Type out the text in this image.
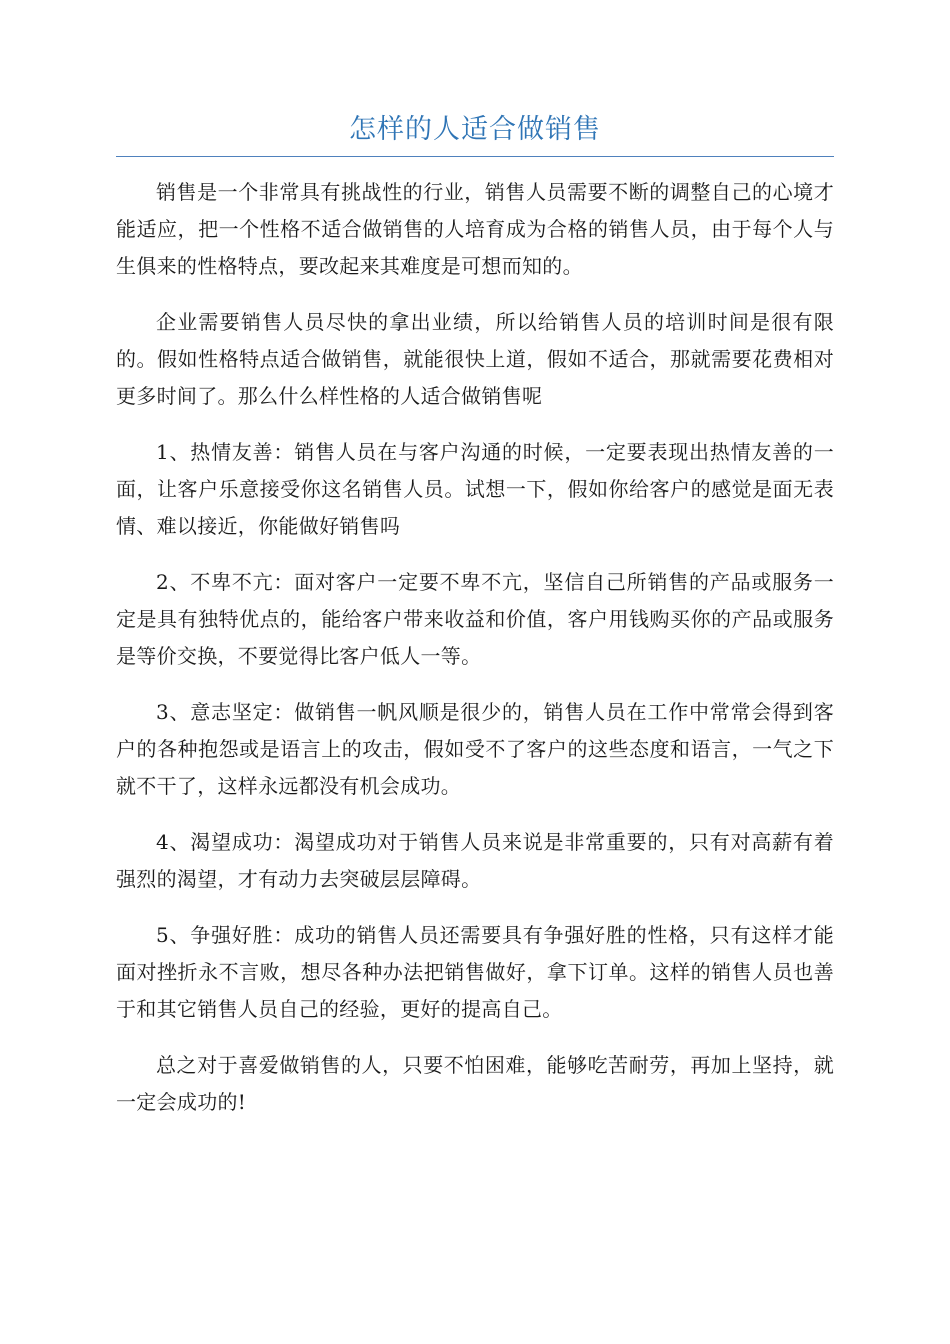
怎样的人适合做销售

销售是一个非常具有挑战性的行业，销售人员需要不断的调整自己的心境才能适应，把一个性格不适合做销售的人培育成为合格的销售人员，由于每个人与生俱来的性格特点，要改起来其难度是可想而知的。

企业需要销售人员尽快的拿出业绩，所以给销售人员的培训时间是很有限的。假如性格特点适合做销售，就能很快上道，假如不适合，那就需要花费相对更多时间了。那么什么样性格的人适合做销售呢

1、热情友善：销售人员在与客户沟通的时候，一定要表现出热情友善的一面，让客户乐意接受你这名销售人员。试想一下，假如你给客户的感觉是面无表情、难以接近，你能做好销售吗

2、不卑不亢：面对客户一定要不卑不亢，坚信自己所销售的产品或服务一定是具有独特优点的，能给客户带来收益和价值，客户用钱购买你的产品或服务是等价交换，不要觉得比客户低人一等。

3、意志坚定：做销售一帆风顺是很少的，销售人员在工作中常常会得到客户的各种抱怨或是语言上的攻击，假如受不了客户的这些态度和语言，一气之下就不干了，这样永远都没有机会成功。

4、渴望成功：渴望成功对于销售人员来说是非常重要的，只有对高薪有着强烈的渴望，才有动力去突破层层障碍。

5、争强好胜：成功的销售人员还需要具有争强好胜的性格，只有这样才能面对挫折永不言败，想尽各种办法把销售做好，拿下订单。这样的销售人员也善于和其它销售人员自己的经验，更好的提高自己。

总之对于喜爱做销售的人，只要不怕困难，能够吃苦耐劳，再加上坚持，就一定会成功的!
